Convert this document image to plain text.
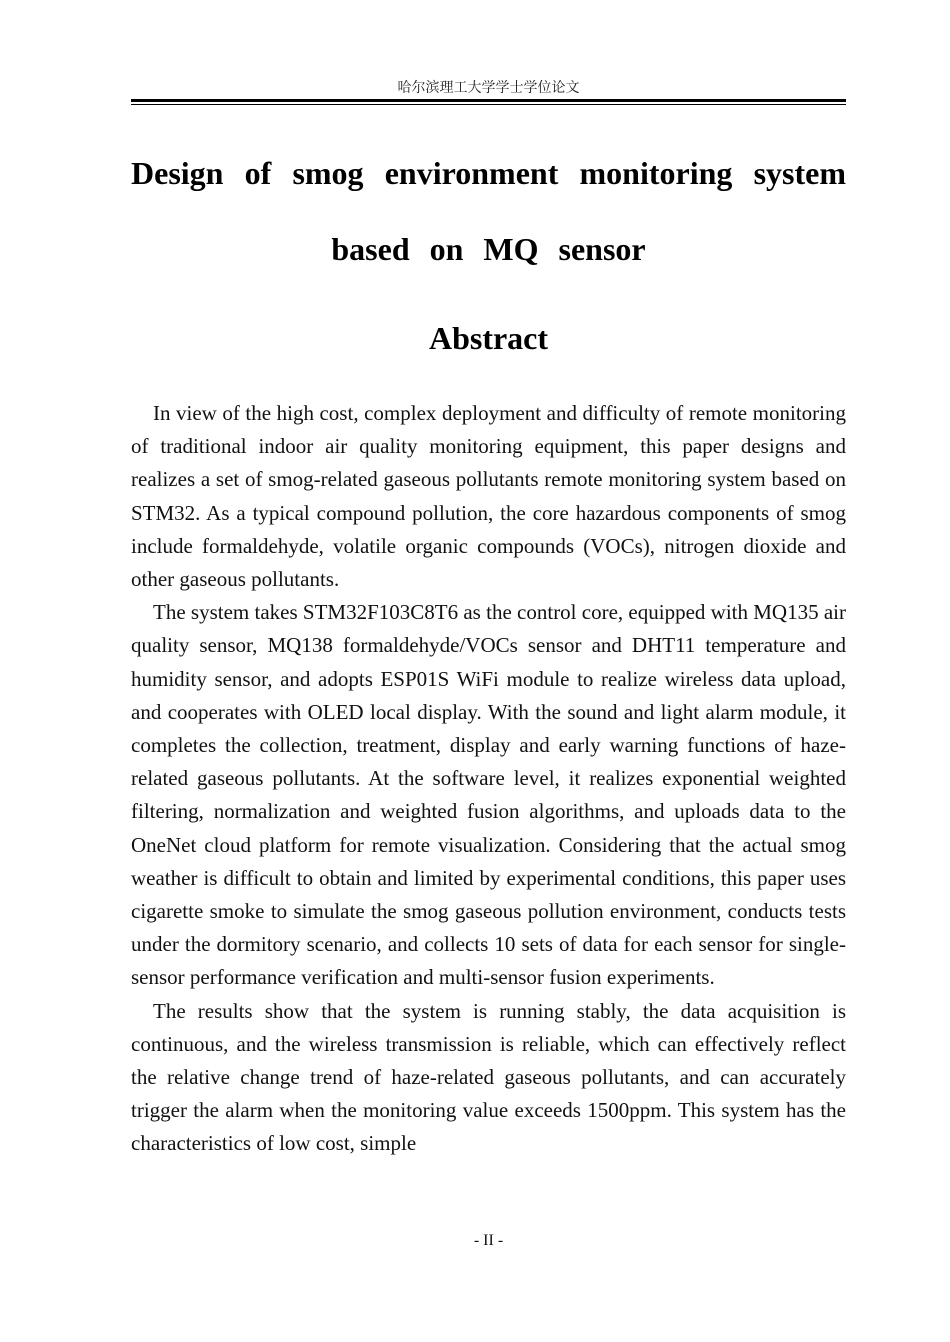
哈尔滨理工大学学士学位论文
Design of smog environment monitoring system
based on MQ sensor
Abstract

In view of the high cost, complex deployment and difficulty of remote monitoring of traditional indoor air quality monitoring equipment, this paper designs and realizes a set of smog-related gaseous pollutants remote monitoring system based on STM32. As a typical compound pollution, the core hazardous components of smog include formaldehyde, volatile organic compounds (VOCs), nitrogen dioxide and other gaseous pollutants.

The system takes STM32F103C8T6 as the control core, equipped with MQ135 air quality sensor, MQ138 formaldehyde/VOCs sensor and DHT11 temperature and humidity sensor, and adopts ESP01S WiFi module to realize wireless data upload, and cooperates with OLED local display. With the sound and light alarm module, it completes the collection, treatment, display and early warning functions of haze-related gaseous pollutants. At the software level, it realizes exponential weighted filtering, normalization and weighted fusion algorithms, and uploads data to the OneNet cloud platform for remote visualization. Considering that the actual smog weather is difficult to obtain and limited by experimental conditions, this paper uses cigarette smoke to simulate the smog gaseous pollution environment, conducts tests under the dormitory scenario, and collects 10 sets of data for each sensor for single-sensor performance verification and multi-sensor fusion experiments.

The results show that the system is running stably, the data acquisition is continuous, and the wireless transmission is reliable, which can effectively reflect the relative change trend of haze-related gaseous pollutants, and can accurately trigger the alarm when the monitoring value exceeds 1500ppm. This system has the characteristics of low cost, simple

- II -
